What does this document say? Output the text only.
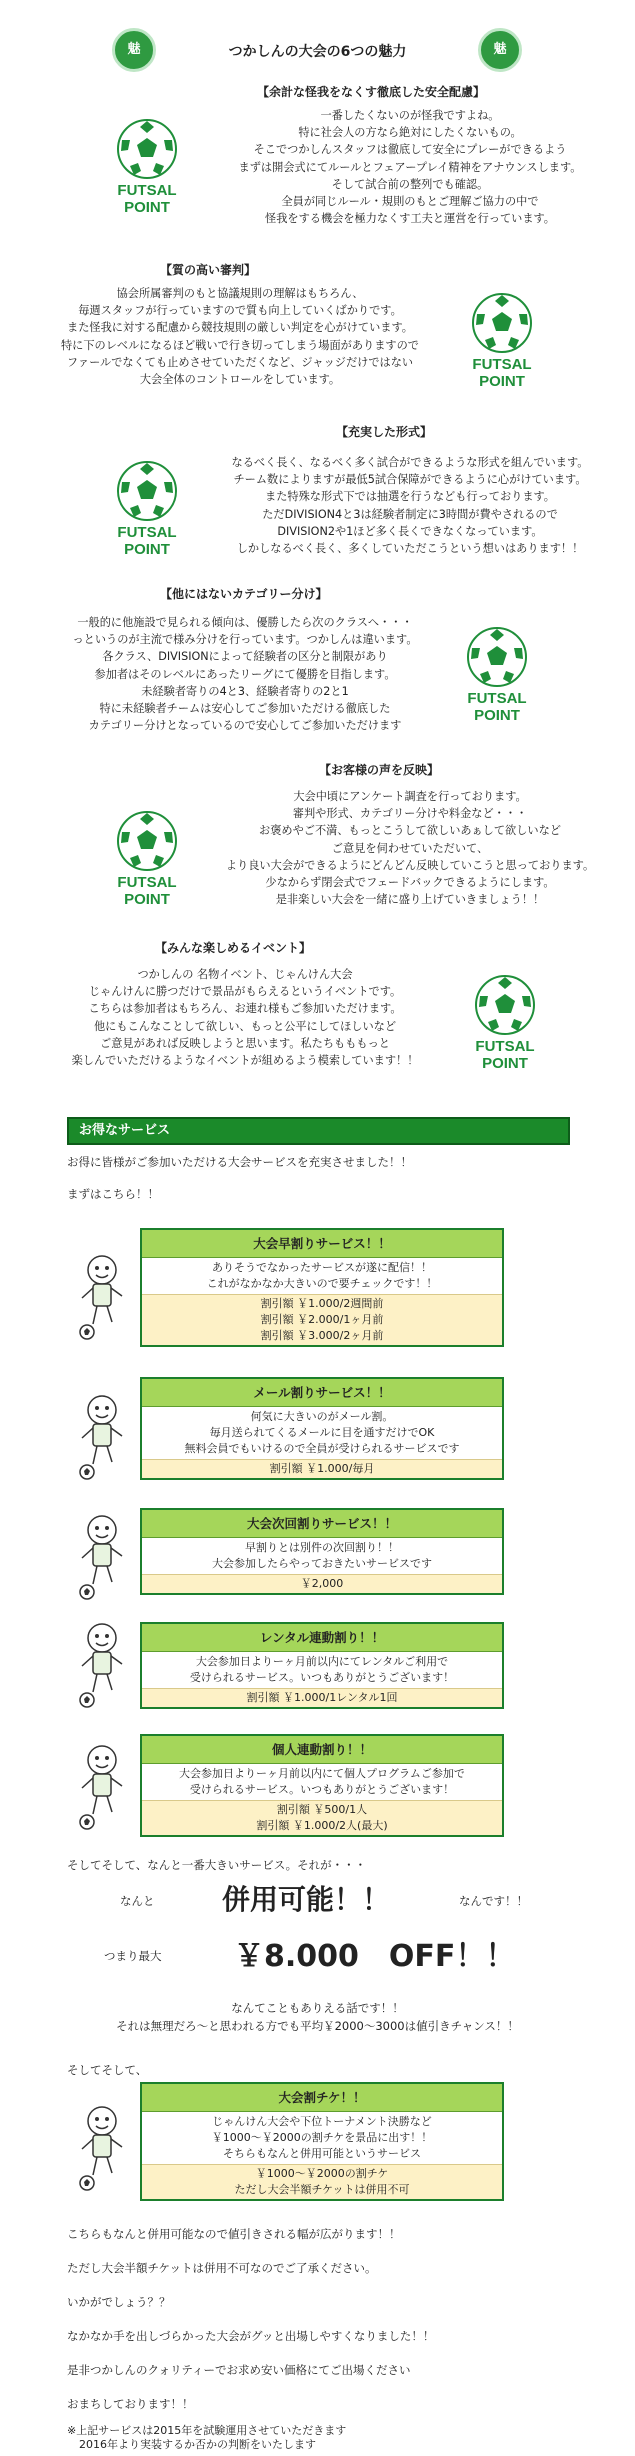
魅	つかしんの大会の6つの魅力	魅
【余計な怪我をなくす徹底した安全配慮】
FUTSAL
POINT
一番したくないのが怪我ですよね。
特に社会人の方なら絶対にしたくないもの。
そこでつかしんスタッフは徹底して安全にプレーができるよう
まずは開会式にてルールとフェアープレイ精神をアナウンスします。
そして試合前の整列でも確認。
全員が同じルール・規則のもとご理解ご協力の中で
怪我をする機会を極力なくす工夫と運営を行っています。
【質の高い審判】
FUTSAL
POINT
協会所属審判のもと協議規則の理解はもちろん、
毎週スタッフが行っていますので質も向上していくばかりです。
また怪我に対する配慮から競技規則の厳しい判定を心がけています。
特に下のレベルになるほど戦いで行き切ってしまう場面がありますので
ファールでなくても止めさせていただくなど、ジャッジだけではない
大会全体のコントロールをしています。
【充実した形式】
FUTSAL
POINT
なるべく長く、なるべく多く試合ができるような形式を組んでいます。
チーム数によりますが最低5試合保障ができるように心がけています。
また特殊な形式下では抽選を行うなども行っております。
ただDIVISION4と3は経験者制定に3時間が費やされるので
DIVISION2や1ほど多く長くできなくなっています。
しかしなるべく長く、多くしていただこうという想いはあります！！
【他にはないカテゴリー分け】
FUTSAL
POINT
一般的に他施設で見られる傾向は、優勝したら次のクラスへ・・・
っというのが主流で様み分けを行っています。つかしんは違います。
各クラス、DIVISIONによって経験者の区分と制限があり
参加者はそのレベルにあったリーグにて優勝を目指します。
未経験者寄りの4と3、経験者寄りの2と1
特に未経験者チームは安心してご参加いただける徹底した
カテゴリー分けとなっているので安心してご参加いただけます
【お客様の声を反映】
FUTSAL
POINT
大会中頃にアンケート調査を行っております。
審判や形式、カテゴリー分けや料金など・・・
お褒めやご不満、もっとこうして欲しいあぁして欲しいなど
ご意見を伺わせていただいて、
より良い大会ができるようにどんどん反映していこうと思っております。
少なからず閉会式でフェードバックできるようにします。
是非楽しい大会を一緒に盛り上げていきましょう！！
【みんな楽しめるイベント】
FUTSAL
POINT
つかしんの 名物イベント、じゃんけん大会
じゃんけんに勝つだけで景品がもらえるというイベントです。
こちらは参加者はもちろん、お連れ様もご参加いただけます。
他にもこんなことして欲しい、もっと公平にしてほしいなど
ご意見があれば反映しようと思います。私たちもももっと
楽しんでいただけるようなイベントが組めるよう模索しています！！
お得なサービス
お得に皆様がご参加いただける大会サービスを充実させました！！
まずはこちら！！
大会早割りサービス！！
ありそうでなかったサービスが遂に配信！！
これがなかなか大きいので要チェックです！！
割引額 ￥1.000/2週間前
割引額 ￥2.000/1ヶ月前
割引額 ￥3.000/2ヶ月前
メール割りサービス！！
何気に大きいのがメール割。
毎月送られてくるメールに目を通すだけでOK
無料会員でもいけるので全員が受けられるサービスです
割引額 ￥1.000/毎月
大会次回割りサービス！！
早割りとは別件の次回割り！！
大会参加したらやっておきたいサービスです
￥2,000
レンタル連動割り！！
大会参加日よりーヶ月前以内にてレンタルご利用で
受けられるサービス。いつもありがとうございます！
割引額 ￥1.000/1レンタル1回
個人連動割り！！
大会参加日よりーヶ月前以内にて個人プログラムご参加で
受けられるサービス。いつもありがとうございます！
割引額 ￥500/1人
割引額 ￥1.000/2人(最大)
そしてそして、なんと一番大きいサービス。それが・・・
なんと 併用可能！！	なんです！！
つまり最大 ￥8.000　OFF！！
なんてこともありえる話です！！
それは無理だろ～と思われる方でも平均￥2000～3000は値引きチャンス！！
そしてそして、
大会割チケ！！
じゃんけん大会や下位トーナメント決勝など
￥1000～￥2000の割チケを景品に出す！！
そちらもなんと併用可能というサービス
￥1000～￥2000の割チケ
ただし大会半額チケットは併用不可
こちらもなんと併用可能なので値引きされる幅が広がります！！
ただし大会半額チケットは併用不可なのでご了承ください。
いかがでしょう？？
なかなか手を出しづらかった大会がグッと出場しやすくなりました！！
是非つかしんのクォリティーでお求め安い価格にてご出場ください
おまちしております！！
※上記サービスは2015年を試験運用させていただきます
2016年より実装するか否かの判断をいたします
